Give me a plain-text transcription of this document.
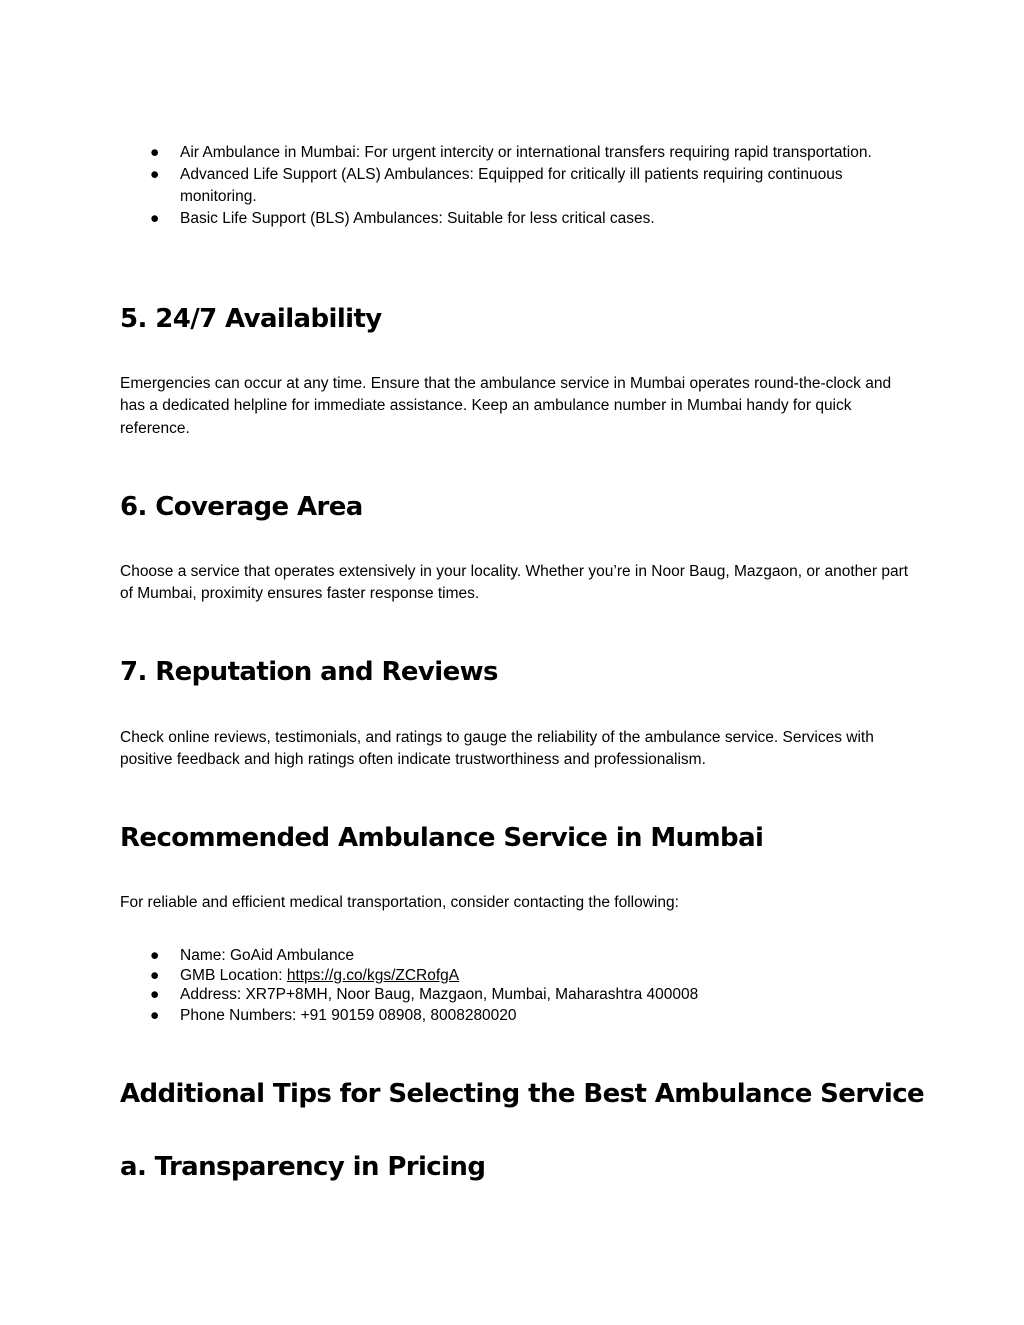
● Air Ambulance in Mumbai: For urgent intercity or international transfers requiring rapid transportation.
● Advanced Life Support (ALS) Ambulances: Equipped for critically ill patients requiring continuous monitoring.
● Basic Life Support (BLS) Ambulances: Suitable for less critical cases.
5. 24/7 Availability

Emergencies can occur at any time. Ensure that the ambulance service in Mumbai operates round-the-clock and has a dedicated helpline for immediate assistance. Keep an ambulance number in Mumbai handy for quick reference.

6. Coverage Area

Choose a service that operates extensively in your locality. Whether you’re in Noor Baug, Mazgaon, or another part of Mumbai, proximity ensures faster response times.

7. Reputation and Reviews

Check online reviews, testimonials, and ratings to gauge the reliability of the ambulance service. Services with positive feedback and high ratings often indicate trustworthiness and professionalism.

Recommended Ambulance Service in Mumbai

For reliable and efficient medical transportation, consider contacting the following:

● Name: GoAid Ambulance
● GMB Location: https://g.co/kgs/ZCRofgA
● Address: XR7P+8MH, Noor Baug, Mazgaon, Mumbai, Maharashtra 400008
● Phone Numbers: +91 90159 08908, 8008280020
Additional Tips for Selecting the Best Ambulance Service
a. Transparency in Pricing
